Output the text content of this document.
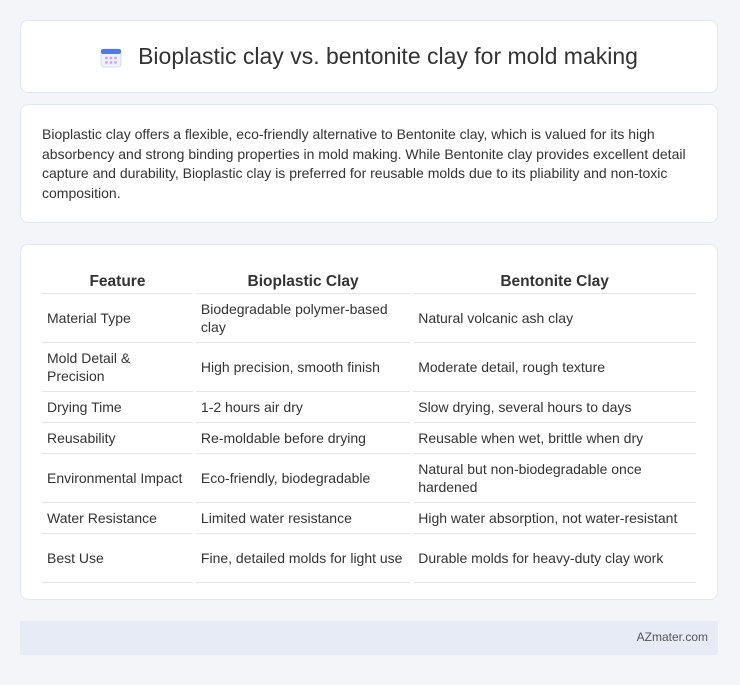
Bioplastic clay vs. bentonite clay for mold making

Bioplastic clay offers a flexible, eco-friendly alternative to Bentonite clay, which is valued for its high absorbency and strong binding properties in mold making. While Bentonite clay provides excellent detail capture and durability, Bioplastic clay is preferred for reusable molds due to its pliability and non-toxic composition.

Feature	Bioplastic Clay	Bentonite Clay
Material Type	Biodegradable polymer-based clay	Natural volcanic ash clay
Mold Detail & Precision	High precision, smooth finish	Moderate detail, rough texture
Drying Time	1-2 hours air dry	Slow drying, several hours to days
Reusability	Re-moldable before drying	Reusable when wet, brittle when dry
Environmental Impact	Eco-friendly, biodegradable	Natural but non-biodegradable once hardened
Water Resistance	Limited water resistance	High water absorption, not water-resistant
Best Use	Fine, detailed molds for light use	Durable molds for heavy-duty clay work
AZmater.com
